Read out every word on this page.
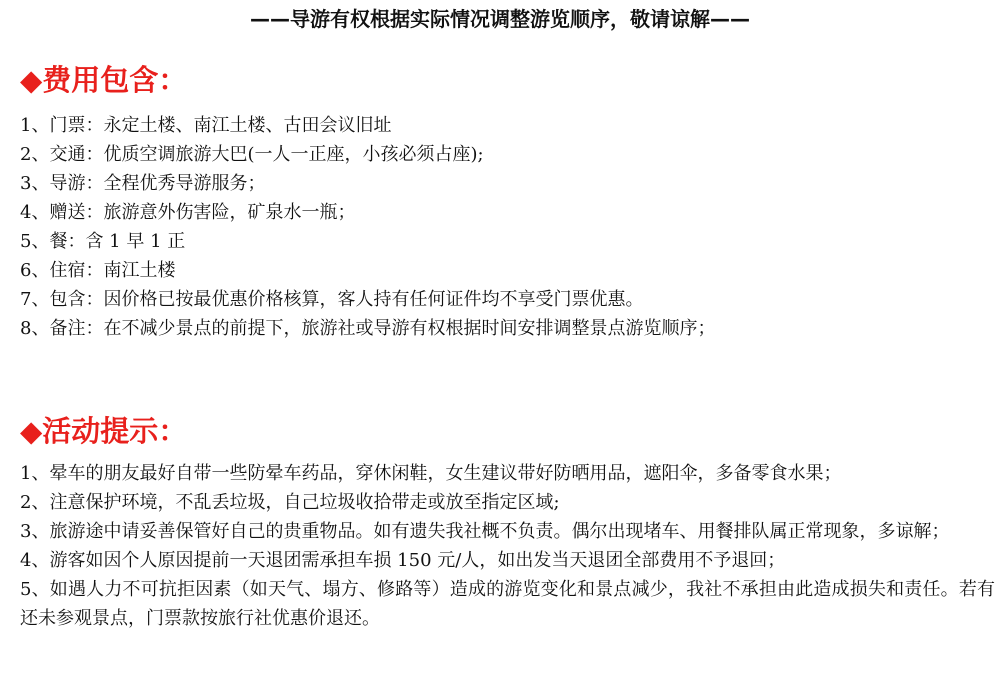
——导游有权根据实际情况调整游览顺序，敬请谅解——
◆费用包含：
1、门票：永定土楼、南江土楼、古田会议旧址
2、交通：优质空调旅游大巴(一人一正座，小孩必须占座);
3、导游：全程优秀导游服务；
4、赠送：旅游意外伤害险，矿泉水一瓶；
5、餐：含 1 早 1 正
6、住宿：南江土楼
7、包含：因价格已按最优惠价格核算，客人持有任何证件均不享受门票优惠。
8、备注：在不减少景点的前提下，旅游社或导游有权根据时间安排调整景点游览顺序；
◆活动提示：
1、晕车的朋友最好自带一些防晕车药品，穿休闲鞋，女生建议带好防晒用品，遮阳伞，多备零食水果；
2、注意保护环境，不乱丢垃圾，自己垃圾收拾带走或放至指定区域;
3、旅游途中请妥善保管好自己的贵重物品。如有遗失我社概不负责。偶尔出现堵车、用餐排队属正常现象，多谅解；
4、游客如因个人原因提前一天退团需承担车损 150 元/人，如出发当天退团全部费用不予退回；
5、如遇人力不可抗拒因素（如天气、塌方、修路等）造成的游览变化和景点减少，我社不承担由此造成损失和责任。若有还未参观景点，门票款按旅行社优惠价退还。
